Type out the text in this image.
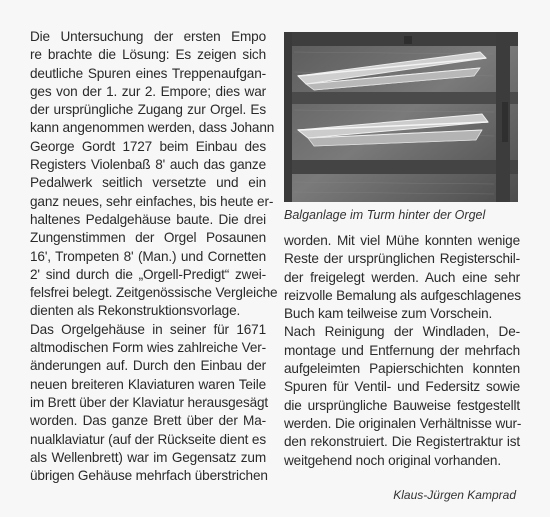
Die Untersuchung der ersten Empo
re brachte die Lösung: Es zeigen sich
deutliche Spuren eines Treppenaufgan-
ges von der 1. zur 2. Empore; dies war
der ursprüngliche Zugang zur Orgel. Es
kann angenommen werden, dass Johann
George Gordt 1727 beim Einbau des
Registers Violenbaß 8' auch das ganze
Pedalwerk seitlich versetzte und ein
ganz neues, sehr einfaches, bis heute er-
haltenes Pedalgehäuse baute. Die drei
Zungenstimmen der Orgel Posaunen
16', Trompeten 8' (Man.) und Cornetten
2' sind durch die „Orgell-Predigt“ zwei-
felsfrei belegt. Zeitgenössische Vergleiche
dienten als Rekonstruktionsvorlage.
Das Orgelgehäuse in seiner für 1671
altmodischen Form wies zahlreiche Ver-
änderungen auf. Durch den Einbau der
neuen breiteren Klaviaturen waren Teile
im Brett über der Klaviatur herausgesägt
worden. Das ganze Brett über der Ma-
nualklaviatur (auf der Rückseite dient es
als Wellenbrett) war im Gegensatz zum
übrigen Gehäuse mehrfach überstrichen
Balganlage im Turm hinter der Orgel
worden. Mit viel Mühe konnten wenige
Reste der ursprünglichen Registerschil-
der freigelegt werden. Auch eine sehr
reizvolle Bemalung als aufgeschlagenes
Buch kam teilweise zum Vorschein.
Nach Reinigung der Windladen, De-
montage und Entfernung der mehrfach
aufgeleimten Papierschichten konnten
Spuren für Ventil- und Federsitz sowie
die ursprüngliche Bauweise festgestellt
werden. Die originalen Verhältnisse wur-
den rekonstruiert. Die Registertraktur ist
weitgehend noch original vorhanden.
Klaus-Jürgen Kamprad
